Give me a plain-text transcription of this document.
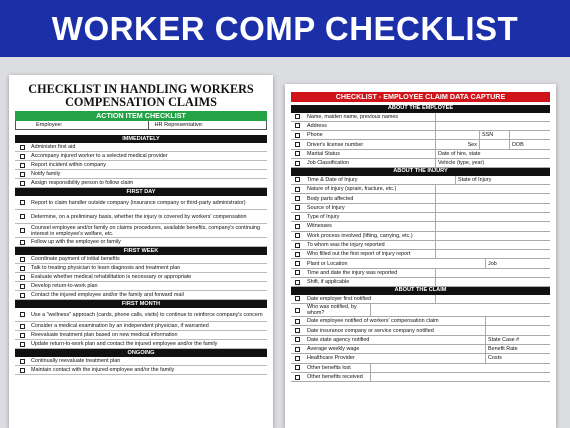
WORKER COMP CHECKLIST
CHECKLIST IN HANDLING WORKERS
COMPENSATION CLAIMS
ACTION ITEM CHECKLIST
Employee:	HR Representative:
IMMEDIATELY
Administer first aid
Accompany injured worker to a selected medical provider
Report incident within company
Notify family
Assign responsibility person to follow claim
FIRST DAY
Report to claim handler outside company (insurance company or third-party administrator)
Determine, on a preliminary basis, whether the injury is covered by workers' compensation
Counsel employee and/or family on claims procedures, available benefits, company's continuing interest in employee's welfare, etc.
Follow up with the employee or family
FIRST WEEK
Coordinate payment of initial benefits
Talk to treating physician to learn diagnosis and treatment plan
Evaluate whether medical rehabilitation is necessary or appropriate
Develop return-to-work plan
Contact the injured employee and/or the family and forward mail
FIRST MONTH
Use a "wellness" approach (cards, phone calls, visits) to continue to reinforce company's concern
Consider a medical examination by an independent physician, if warranted
Reevaluate treatment plan based on new medical information
Update return-to-work plan and contact the injured employee and/or the family
ONGOING
Continually reevaluate treatment plan
Maintain contact with the injured employee and/or the family
CHECKLIST - EMPLOYEE CLAIM DATA CAPTURE
ABOUT THE EMPLOYEE
Name, maiden name, previous names
Address
Phone	SSN
Driver's license number	Sex	DOB
Marital Status	Date of hire, state
Job Classification	Vehicle (type, year)
ABOUT THE INJURY
Time & Date of Injury	State of Injury
Nature of injury (sprain, fracture, etc.)
Body parts affected
Source of Injury
Type of Injury
Witnesses
Work process involved (lifting, carrying, etc.)
To whom was the injury reported
Who filled out the first report of injury report
Plant or Location	Job
Time and date the injury was reported
Shift, if applicable
ABOUT THE CLAIM
Date employer first notified
Who was notified, by whom?
Date employee notified of workers' compensation claim
Date insurance company or service company notified
Date state agency notified	State Case #
Average weekly wage	Benefit Rate
Healthcare Provider	Costs
Other benefits lost
Other benefits received
